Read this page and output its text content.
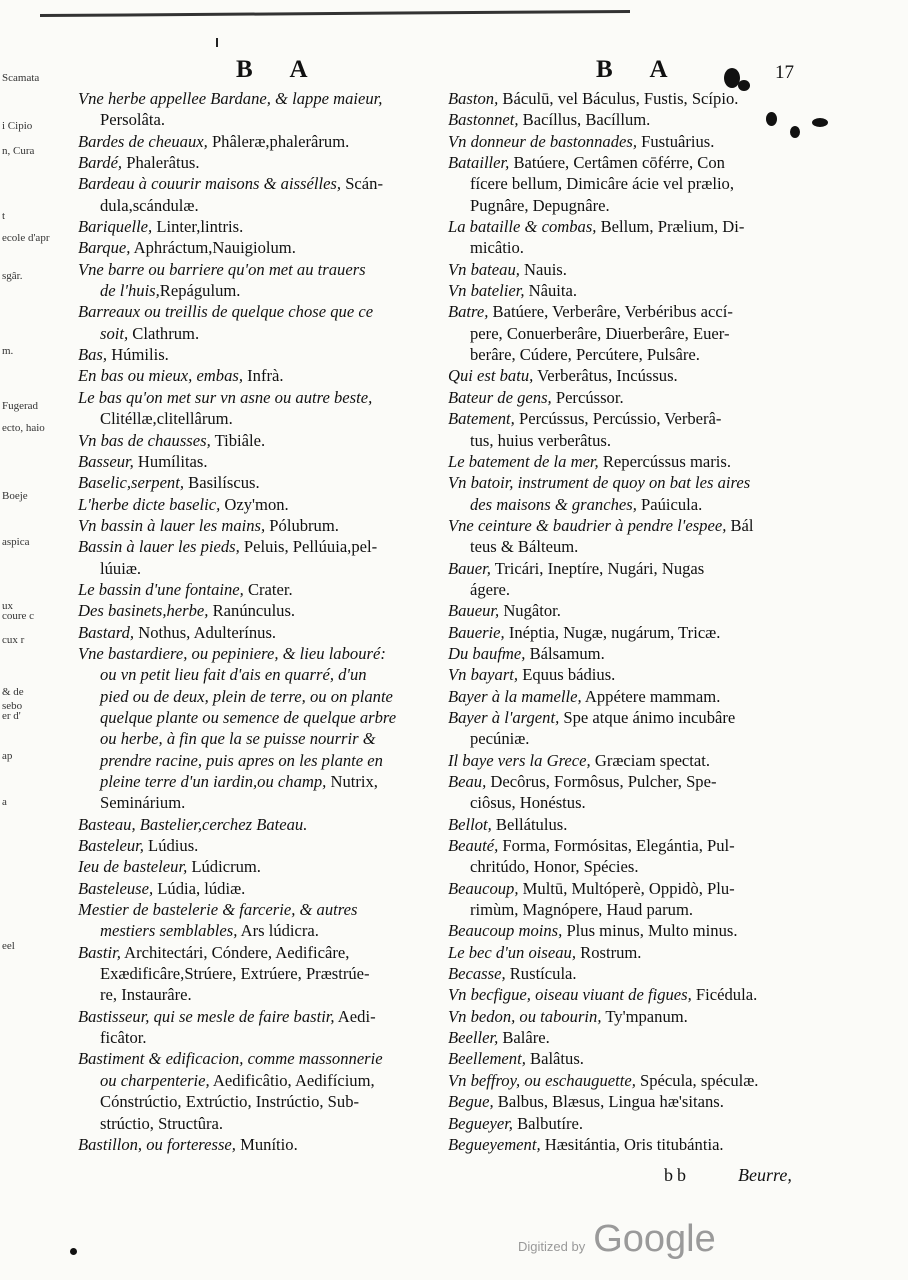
B A	B A	17
Scamata
i Cipio
n, Cura
t
ecole d'apr
sgâr.
m.
Fugerad
ecto, haio
Boeje
aspica
ux
coure c
cux r
& de
sebo
er d'
ap
a
eel
Vne herbe appellee Bardane, & lappe maieur,
Persolâta.
Bardes de cheuaux, Phâleræ,phalerârum.
Bardé, Phalerâtus.
Bardeau à couurir maisons & aissélles, Scán-
dula,scándulæ.
Bariquelle, Linter,lintris.
Barque, Aphráctum,Nauigiolum.
Vne barre ou barriere qu'on met au trauers
de l'huis,Repágulum.
Barreaux ou treillis de quelque chose que ce
soit, Clathrum.
Bas, Húmilis.
En bas ou mieux, embas, Infrà.
Le bas qu'on met sur vn asne ou autre beste,
Clitéllæ,clitellârum.
Vn bas de chausses, Tibiâle.
Basseur, Humílitas.
Baselic,serpent, Basilíscus.
L'herbe dicte baselic, Ozy'mon.
Vn bassin à lauer les mains, Pólubrum.
Bassin à lauer les pieds, Peluis, Pellúuia,pel-
lúuiæ.
Le bassin d'une fontaine, Crater.
Des basinets,herbe, Ranúnculus.
Bastard, Nothus, Adulterínus.
Vne bastardiere, ou pepiniere, & lieu labouré:
ou vn petit lieu fait d'ais en quarré, d'un
pied ou de deux, plein de terre, ou on plante
quelque plante ou semence de quelque arbre
ou herbe, à fin que la se puisse nourrir &
prendre racine, puis apres on les plante en
pleine terre d'un iardin,ou champ, Nutrix,
Seminárium.
Basteau, Bastelier,cerchez Bateau.
Basteleur, Lúdius.
Ieu de basteleur, Lúdicrum.
Basteleuse, Lúdia, lúdiæ.
Mestier de bastelerie & farcerie, & autres
mestiers semblables, Ars lúdicra.
Bastir, Architectári, Cóndere, Aedificâre,
Exædificâre,Strúere, Extrúere, Præstrúe-
re, Instaurâre.
Bastisseur, qui se mesle de faire bastir, Aedi-
ficâtor.
Bastiment & edificacion, comme massonnerie
ou charpenterie, Aedificâtio, Aedifícium,
Cónstrúctio, Extrúctio, Instrúctio, Sub-
strúctio, Structûra.
Bastillon, ou forteresse, Munítio.
Baston, Báculū, vel Báculus, Fustis, Scípio.
Bastonnet, Bacíllus, Bacíllum.
Vn donneur de bastonnades, Fustuârius.
Batailler, Batúere, Certâmen cōférre, Con
fícere bellum, Dimicâre ácie vel prælio,
Pugnâre, Depugnâre.
La bataille & combas, Bellum, Prælium, Di-
micâtio.
Vn bateau, Nauis.
Vn batelier, Nâuita.
Batre, Batúere, Verberâre, Verbéribus accí-
pere, Conuerberâre, Diuerberâre, Euer-
berâre, Cúdere, Percútere, Pulsâre.
Qui est batu, Verberâtus, Incússus.
Bateur de gens, Percússor.
Batement, Percússus, Percússio, Verberâ-
tus, huius verberâtus.
Le batement de la mer, Repercússus maris.
Vn batoir, instrument de quoy on bat les aires
des maisons & granches, Paúicula.
Vne ceinture & baudrier à pendre l'espee, Bál
teus & Bálteum.
Bauer, Tricári, Ineptíre, Nugári, Nugas
ágere.
Baueur, Nugâtor.
Bauerie, Inéptia, Nugæ, nugárum, Tricæ.
Du baufme, Bálsamum.
Vn bayart, Equus bádius.
Bayer à la mamelle, Appétere mammam.
Bayer à l'argent, Spe atque ánimo incubâre
pecúniæ.
Il baye vers la Grece, Græciam spectat.
Beau, Decôrus, Formôsus, Pulcher, Spe-
ciôsus, Honéstus.
Bellot, Bellátulus.
Beauté, Forma, Formósitas, Elegántia, Pul-
chritúdo, Honor, Spécies.
Beaucoup, Multū, Multóperè, Oppidò, Plu-
rimùm, Magnópere, Haud parum.
Beaucoup moins, Plus minus, Multo minus.
Le bec d'un oiseau, Rostrum.
Becasse, Rustícula.
Vn becfigue, oiseau viuant de figues, Ficédula.
Vn bedon, ou tabourin, Ty'mpanum.
Beeller, Balâre.
Beellement, Balâtus.
Vn beffroy, ou eschauguette, Spécula, spéculæ.
Begue, Balbus, Blæsus, Lingua hæ'sitans.
Begueyer, Balbutíre.
Begueyement, Hæsitántia, Oris titubántia.
bb	Beurre,
Digitized by Google
